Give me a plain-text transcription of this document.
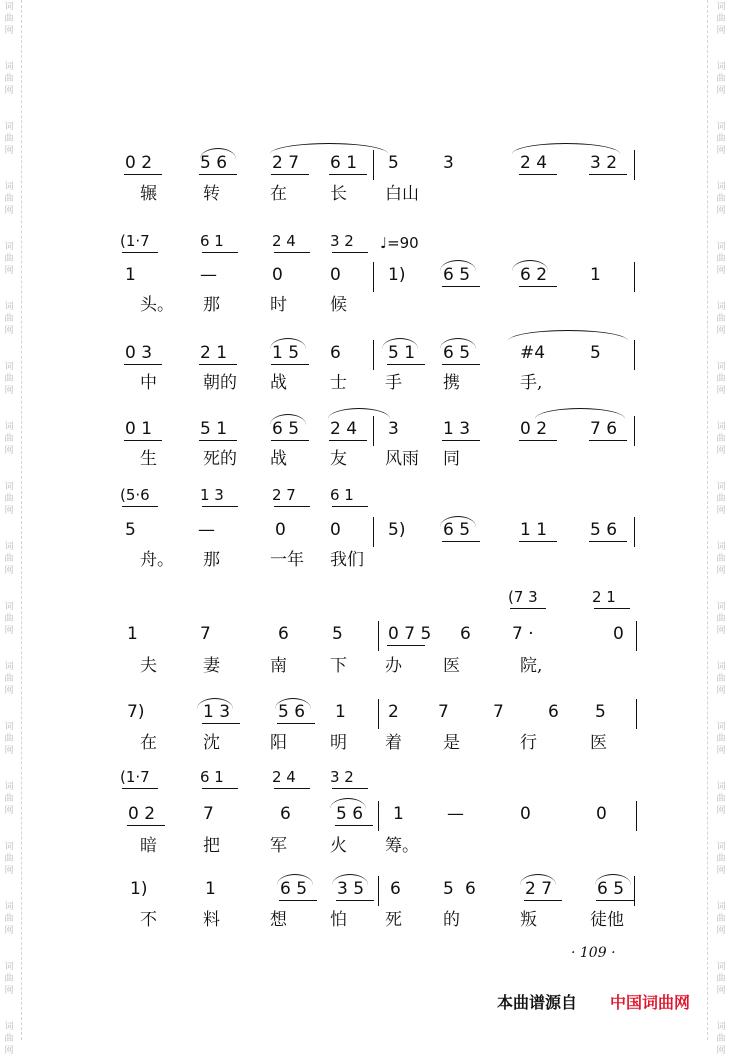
词
曲
网
词
曲
网
词
曲
网
词
曲
网
词
曲
网
词
曲
网
词
曲
网
词
曲
网
词
曲
网
词
曲
网
词
曲
网
词
曲
网
词
曲
网
词
曲
网
词
曲
网
词
曲
网
词
曲
网
词
曲
网
词
曲
网
词
曲
网
词
曲
网
词
曲
网
词
曲
网
词
曲
网
词
曲
网
词
曲
网
词
曲
网
词
曲
网
词
曲
网
词
曲
网
词
曲
网
词
曲
网
词
曲
网
词
曲
网
词
曲
网
词
曲
网
0 2	5 6	2 7 6 1 5	3	2 4	3 2
辗	转	在	长 白山
1	—	0	0	1) 6 5	6 2	1
头。 那	时	候
(1·7	6 1	2 4 3 2
0 3	2 1	1 5 6	5 1 6 5	#4	5
中	朝的 战	士 手 携	手,
0 1	5 1	6 5 2 4 3	1 3	0 2	7 6
生	死的 战	友 风雨 同
5	—	0	0	5) 6 5	1 1	5 6
舟。 那	一年 我们
(5·6	1 3	2 7 6 1
1	7	6	5	0 7 5 6 7 ·	0
夫	妻	南	下 办 医	院,
(7 3	2 1
7)	1 3	5 6 1 2 7	7	6 5
在	沈	阳	明 着 是	行	医
0 2	7	6	5 6 1	—	0	0
暗	把	军	火 筹。
(1·7	6 1	2 4 3 2
1)	1	6 5 3 5 6 5 6	2 7	6 5
不	料	想	怕 死 的	叛	徒他
♩=90
· 109 ·
本曲谱源自 中国词曲网
